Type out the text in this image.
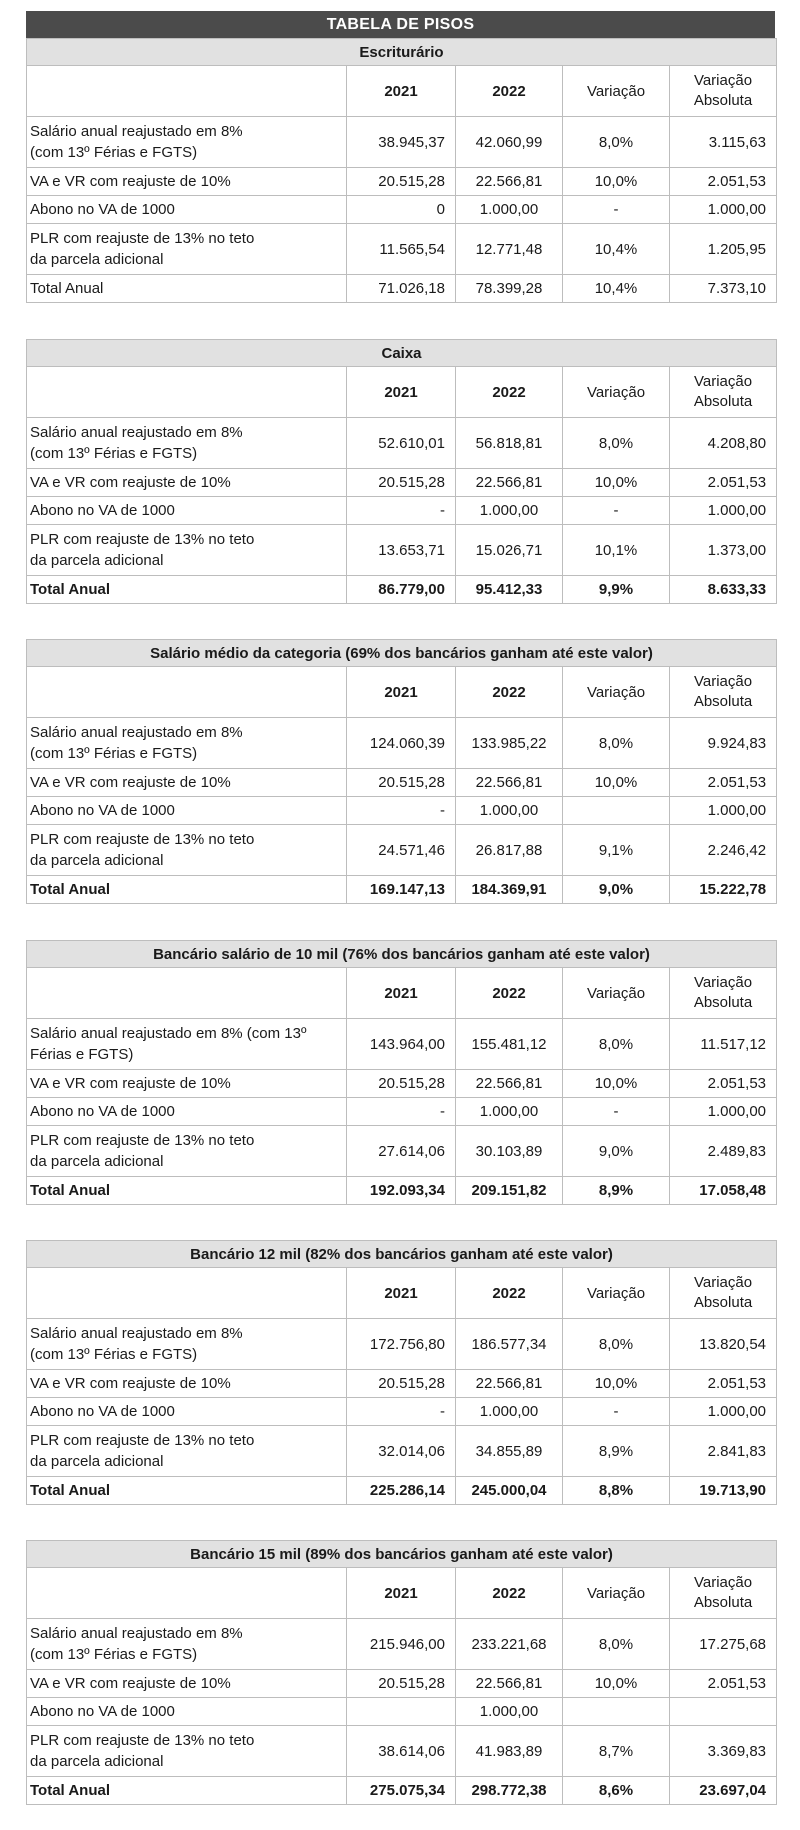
TABELA DE PISOS
Escriturário				
	2021	2022	Variação	Variação
Absoluta
Salário anual reajustado em 8%
(com 13º Férias e FGTS)	38.945,37	42.060,99	8,0%	3.115,63
VA e VR com reajuste de 10%	20.515,28	22.566,81	10,0%	2.051,53
Abono no VA de 1000	0	1.000,00	-	1.000,00
PLR com reajuste de 13% no teto
da parcela adicional	11.565,54	12.771,48	10,4%	1.205,95
Total Anual	71.026,18	78.399,28	10,4%	7.373,10
Caixa				
	2021	2022	Variação	Variação
Absoluta
Salário anual reajustado em 8%
(com 13º Férias e FGTS)	52.610,01	56.818,81	8,0%	4.208,80
VA e VR com reajuste de 10%	20.515,28	22.566,81	10,0%	2.051,53
Abono no VA de 1000	-	1.000,00	-	1.000,00
PLR com reajuste de 13% no teto
da parcela adicional	13.653,71	15.026,71	10,1%	1.373,00
Total Anual	86.779,00	95.412,33	9,9%	8.633,33
Salário médio da categoria (69% dos bancários ganham até este valor)				
	2021	2022	Variação	Variação
Absoluta
Salário anual reajustado em 8%
(com 13º Férias e FGTS)	124.060,39	133.985,22	8,0%	9.924,83
VA e VR com reajuste de 10%	20.515,28	22.566,81	10,0%	2.051,53
Abono no VA de 1000	-	1.000,00		1.000,00
PLR com reajuste de 13% no teto
da parcela adicional	24.571,46	26.817,88	9,1%	2.246,42
Total Anual	169.147,13	184.369,91	9,0%	15.222,78
Bancário salário de 10 mil (76% dos bancários ganham até este valor)				
	2021	2022	Variação	Variação
Absoluta
Salário anual reajustado em 8% (com 13º
Férias e FGTS)	143.964,00	155.481,12	8,0%	11.517,12
VA e VR com reajuste de 10%	20.515,28	22.566,81	10,0%	2.051,53
Abono no VA de 1000	-	1.000,00	-	1.000,00
PLR com reajuste de 13% no teto
da parcela adicional	27.614,06	30.103,89	9,0%	2.489,83
Total Anual	192.093,34	209.151,82	8,9%	17.058,48
Bancário 12 mil (82% dos bancários ganham até este valor)				
	2021	2022	Variação	Variação
Absoluta
Salário anual reajustado em 8%
(com 13º Férias e FGTS)	172.756,80	186.577,34	8,0%	13.820,54
VA e VR com reajuste de 10%	20.515,28	22.566,81	10,0%	2.051,53
Abono no VA de 1000	-	1.000,00	-	1.000,00
PLR com reajuste de 13% no teto
da parcela adicional	32.014,06	34.855,89	8,9%	2.841,83
Total Anual	225.286,14	245.000,04	8,8%	19.713,90
Bancário 15 mil (89% dos bancários ganham até este valor)				
	2021	2022	Variação	Variação
Absoluta
Salário anual reajustado em 8%
(com 13º Férias e FGTS)	215.946,00	233.221,68	8,0%	17.275,68
VA e VR com reajuste de 10%	20.515,28	22.566,81	10,0%	2.051,53
Abono no VA de 1000		1.000,00		
PLR com reajuste de 13% no teto
da parcela adicional	38.614,06	41.983,89	8,7%	3.369,83
Total Anual	275.075,34	298.772,38	8,6%	23.697,04
